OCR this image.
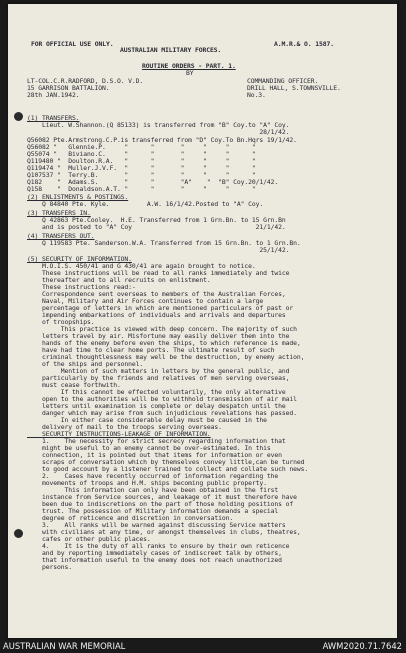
FOR OFFICIAL USE ONLY.
AUSTRALIAN MILITARY FORCES.
A.M.R.& O. 1587.
ROUTINE ORDERS - PART. 1.
BY
LT-COL.C.R.RADFORD, D.S.O. V.D.
15 GARRISON BATTALION.
28th JAN.1942.
COMMANDING OFFICER.
DRILL HALL, S.TOWNSVILLE.
No.3.
(1) TRANSFERS.
Lieut. W.Shannon.(Q 85133) is transferred from "B" Coy.to "A" Coy.
28/1/42.
Q56082 Pte.Armstrong.C.P.is transferred from "D" Coy.To Bn.Hqrs 19/1/42.
Q56082 "   Glennie.P.     "      "       "     "     "      "
Q55074 "   Biviano.C.     "      "       "     "     "      "
Q119480 "  Doulton.R.A.   "      "       "     "     "      "
Q119474 "  Muller.J.V.F.  "      "       "     "     "      "
Q107537 "  Terry.B.       "      "       "     "     "      "
Q182    "  Adams.S.       "      "       "A"    "  "B" Coy.20/1/42.
Q158    "  Donaldson.A.T. "      "       "     "     "      "
(2) ENLISTMENTS & POSTINGS.
Q 84840 Pte. Kyle.          A.W. 16/1/42.Posted to "A" Coy.
(3) TRANSFERS IN.
Q 42863 Pte.Cooley.  H.E. Transferred from 1 Grn.Bn. to 15 Grn.Bn
and is posted to "A" Coy                                 21/1/42.
(4) TRANSFERS OUT.
Q 119583 Pte. Sanderson.W.A. Transferred from 15 Grn.Bn. to 1 Grn.Bn.
25/1/42.
(5) SECURITY OF INFORMATION.
M.O.I.S. 450/41 and G 430/41 are again brought to notice.
These instructions will be read to all ranks immediately and twice
thereafter and to all recruits on enlistment.
These instructions read:-
Correspondence sent overseas to members of the Australian Forces,
Naval, Military and Air Forces continues to contain a large
percentage of letters in which are mentioned particulars of past or
impending embarkations of individuals and arrivals and departures
of troopships.
This practice is viewed with deep concern. The majority of such
letters travel by air. Misfortune may easily deliver them into the
hands of the enemy before even the ships, to which reference is made,
have had time to clear home ports. The ultimate result of such
criminal thoughtlessness may well be the destruction, by enemy action,
of the ships and personnel.
Mention of such matters in letters by the general public, and
particularly by the friends and relatives of men serving overseas,
must cease forthwith.
If this cannot be effected voluntarily, the only alternative
open to the authorities will be to withhold transmission of air mail
letters until examination is complete or delay despatch until the
danger which may arise from such injudicious revelations has passed.
In either case considerable delay must be caused in the
delivery of mail to the troops serving overseas.
SECURITY INSTRUCTIONS-LEAKAGE OF INFORMATION.
1.    The necessity for strict secrecy regarding information that
might be useful to an enemy cannot be over-estimated. In this
connection, it is pointed out that items for information or even
scraps of conversation which by themselves convey little,can be turned
to good account by a listener trained to collect and collate such news.
2.    Cases have recently occurred of information regarding the
movements of troops and H.M. ships becoming public property.
This information can only have been obtained in the first
instance from Service sources, and leakage of it must therefore have
been due to indiscretions on the part of those holding positions of
trust. The possession of Military information demands a special
degree of reticence and discretion in conversation.
3.    All ranks will be warned against discussing Service matters
with civilians at any time, or amongst themselves in clubs, theatres,
cafes or other public places.
4.    It is the duty of all ranks to ensure by their own reticence
and by reporting immediately cases of indiscreet talk by others,
that information useful to the enemy does not reach unauthorized
persons.
AUSTRALIAN WAR MEMORIAL	AWM2020.71.7642
